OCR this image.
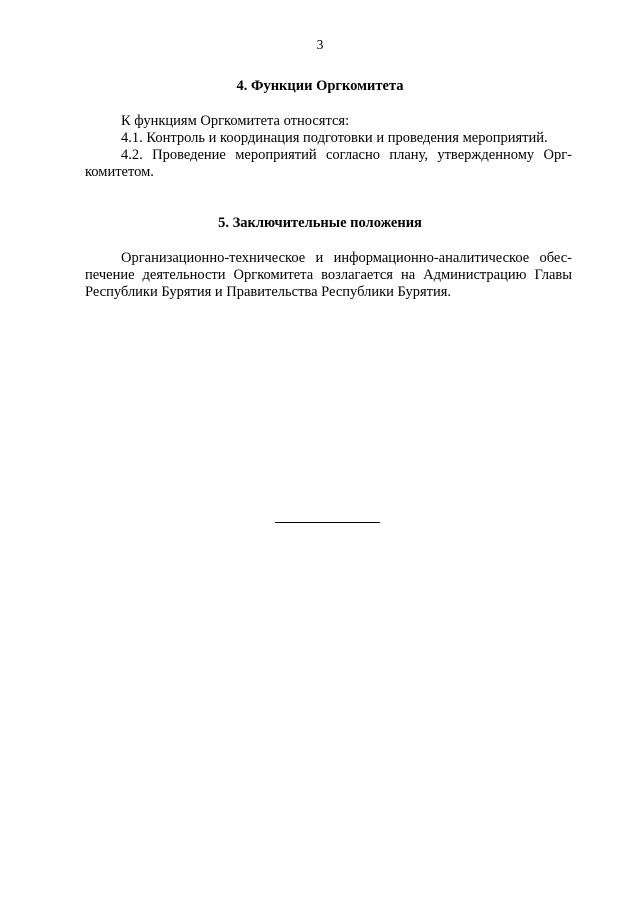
3
4. Функции Оргкомитета
К функциям Оргкомитета относятся:
4.1. Контроль и координация подготовки и проведения мероприятий.
4.2. Проведение мероприятий согласно плану, утвержденному Орг-
комитетом.
5. Заключительные положения
Организационно-техническое и информационно-аналитическое обес-
печение деятельности Оргкомитета возлагается на Администрацию Главы
Республики Бурятия и Правительства Республики Бурятия.
